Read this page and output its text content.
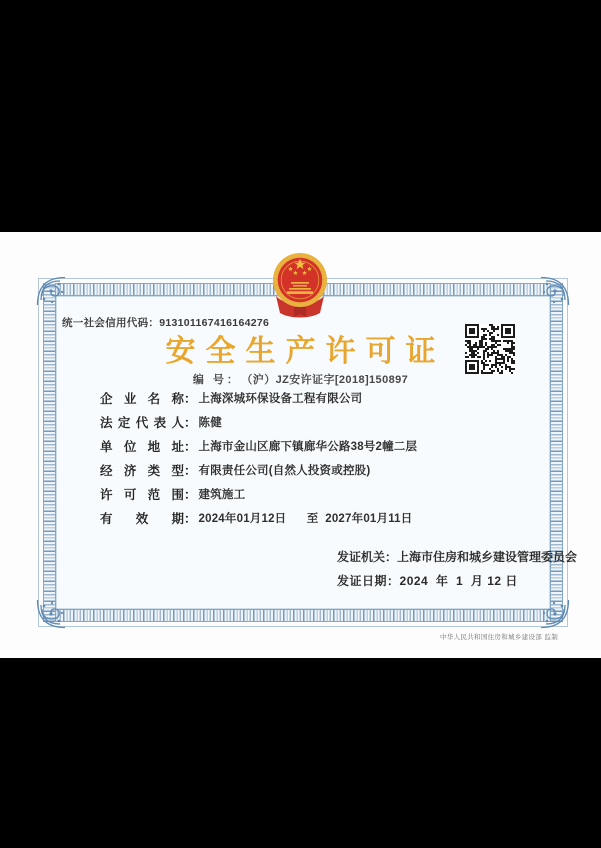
统一社会信用代码：913101167416164276
安全生产许可证
编 号： （沪）JZ安许证字[2018]150897
企 业 名 称 ： 上海深城环保设备工程有限公司
法 定 代 表 人 ： 陈健
单 位 地 址 ： 上海市金山区廊下镇廊华公路38号2幢二层
经 济 类 型 ： 有限责任公司(自然人投资或控股)
许 可 范 围 ： 建筑施工
有 效 期 ： 2024年01月12日      至  2027年01月11日
发证机关：上海市住房和城乡建设管理委员会
发证日期：2024  年  1  月 12 日
中华人民共和国住房和城乡建设部 监制
